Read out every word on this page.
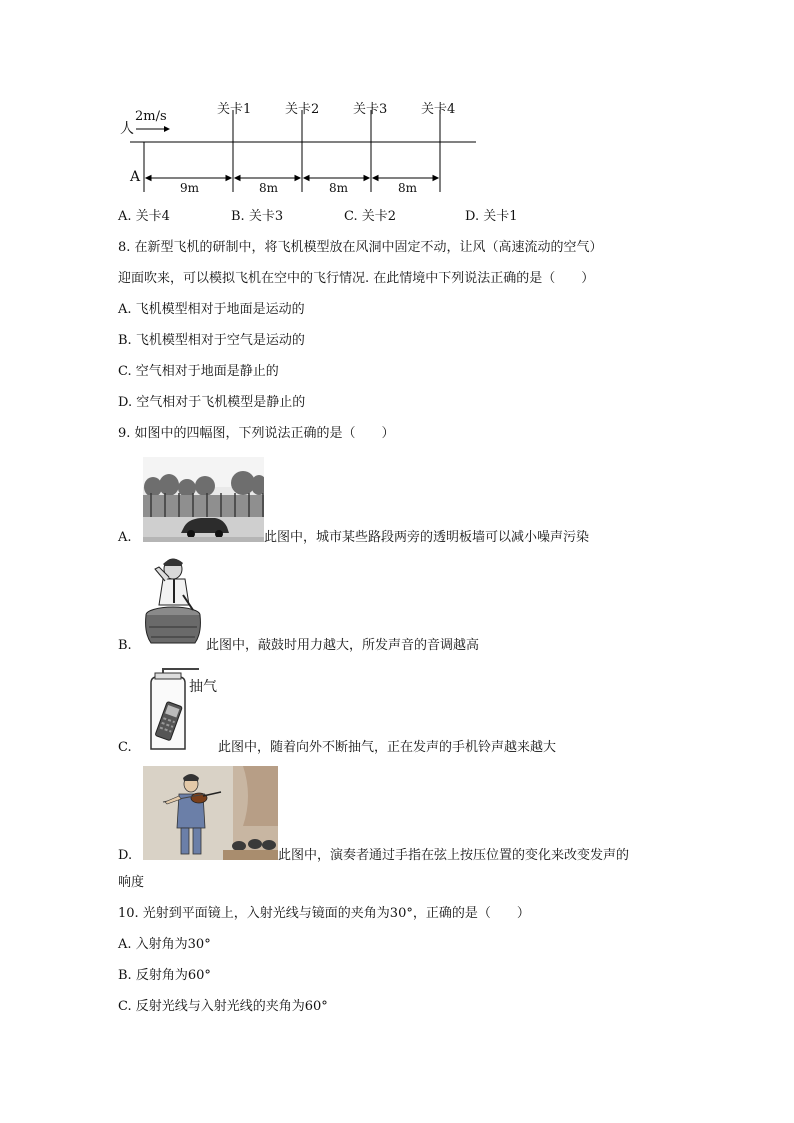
2m/s
人
A
关卡1	关卡2	关卡3	关卡4
9m	8m	8m	8m
A. 关卡4	B. 关卡3	C. 关卡2	D. 关卡1
8. 在新型飞机的研制中，将飞机模型放在风洞中固定不动，让风（高速流动的空气）
迎面吹来，可以模拟飞机在空中的飞行情况. 在此情境中下列说法正确的是（　　）
A. 飞机模型相对于地面是运动的
B. 飞机模型相对于空气是运动的
C. 空气相对于地面是静止的
D. 空气相对于飞机模型是静止的
9. 如图中的四幅图，下列说法正确的是（　　）
A.	此图中，城市某些路段两旁的透明板墙可以减小噪声污染
B.	此图中，敲鼓时用力越大，所发声音的音调越高
抽气
C.	此图中，随着向外不断抽气，正在发声的手机铃声越来越大
D.	此图中，演奏者通过手指在弦上按压位置的变化来改变发声的
响度
10. 光射到平面镜上，入射光线与镜面的夹角为30°，正确的是（　　）
A. 入射角为30°
B. 反射角为60°
C. 反射光线与入射光线的夹角为60°
